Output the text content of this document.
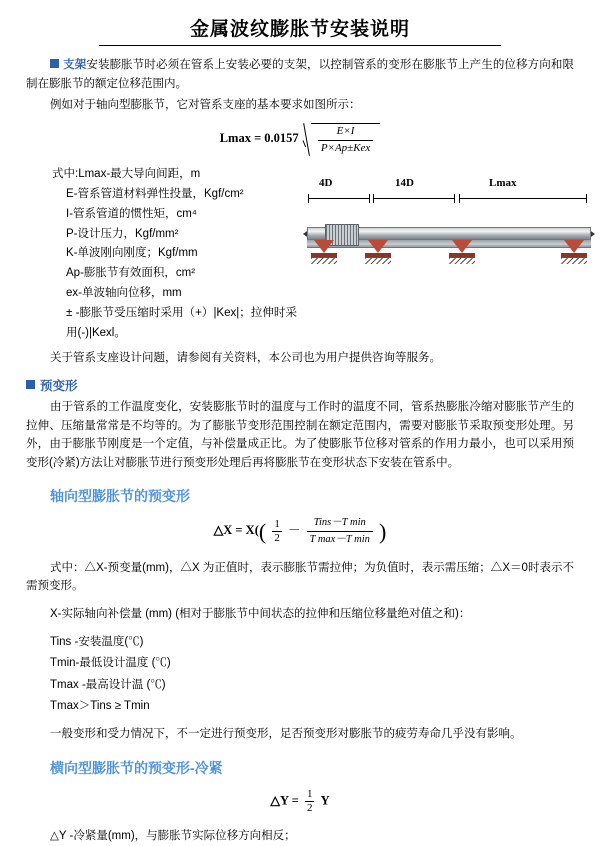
金属波纹膨胀节安装说明

支架安装膨胀节时必须在管系上安装必要的支架，以控制管系的变形在膨胀节上产生的位移方向和限制在膨胀节的额定位移范围内。

例如对于轴向型膨胀节，它对管系支座的基本要求如图所示：

$Lmax = 0.0157 \frac{E\times I}{\text{P×Ap±Kex}}$

式中:Lmax-最大导向间距，m

E-管系管道材料弹性投量，Kgf/cm²

I-管系管道的惯性矩，cm⁴

P-设计压力，Kgf/mm²

K-单波刚向刚度；Kgf/mm

Ap-膨胀节有效面积，cm²

ex-单波轴向位移，mm

± -膨胀节受压缩时采用（+）|Kex|；拉伸时采用(-)|Kexl。

4D	14D	Lmax

关于管系支座设计问题，请参阅有关资料，本公司也为用户提供咨询等服务。

预变形

由于管系的工作温度变化，安装膨胀节时的温度与工作时的温度不同，管系热膨胀冷缩对膨胀节产生的拉伸、压缩量常常是不均等的。为了膨胀节变形范围控制在额定范围内，需要对膨胀节采取预变形处理。另外，由于膨胀节刚度是一个定值，与补偿量成正比。为了使膨胀节位移对管系的作用力最小，也可以采用预变形(冷紧)方法让对膨胀节进行预变形处理后再将膨胀节在变形状态下安装在管系中。

轴向型膨胀节的预变形
△X = $X(( \frac{1}{2}$ －
Tins－T min
T max－T min )

式中：△X-预变量(mm)，△X 为正值时，表示膨胀节需拉伸；为负值时，表示需压缩；△X＝0时表示不需预变形。

X-实际轴向补偿量 (mm) (相对于膨胀节中间状态的拉伸和压缩位移量绝对值之和)：

Tins -安装温度(℃)

Tmin-最低设计温度 (℃)

Tmax -最高设计温 (℃)

Tmax＞Tins ≥ Tmin

一般变形和受力情况下，不一定进行预变形，足否预变形对膨胀节的疲劳寿命几乎没有影响。

横向型膨胀节的预变形-冷紧
△Y = $\frac{1}{2}$ Y

△Y -冷紧量(mm)，与膨胀节实际位移方向相反；
